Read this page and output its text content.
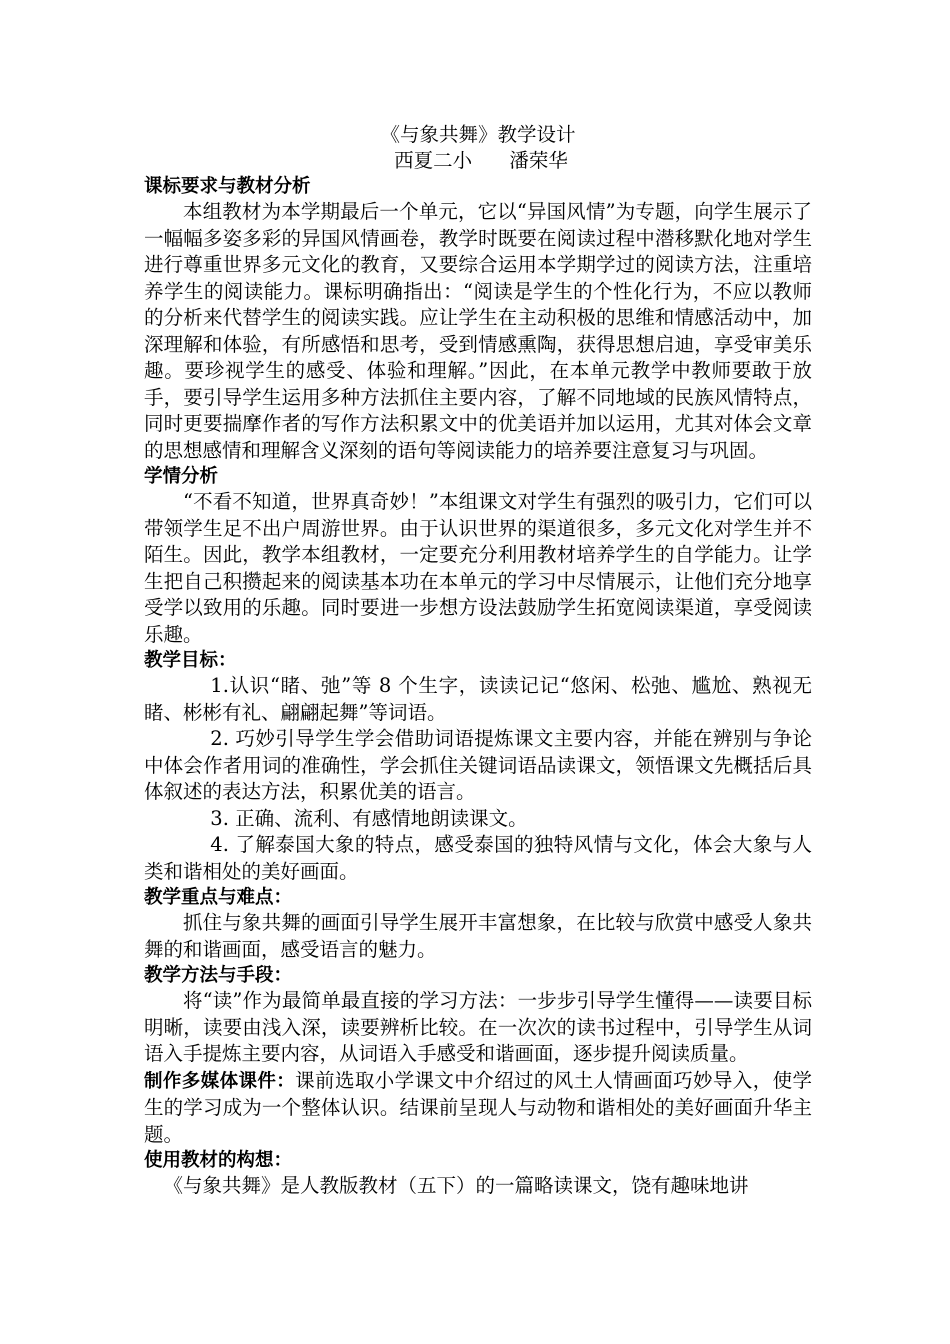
《与象共舞》教学设计

西夏二小      潘荣华

课标要求与教材分析

本组教材为本学期最后一个单元，它以“异国风情”为专题，向学生展示了一幅幅多姿多彩的异国风情画卷，教学时既要在阅读过程中潜移默化地对学生进行尊重世界多元文化的教育，又要综合运用本学期学过的阅读方法，注重培养学生的阅读能力。课标明确指出：“阅读是学生的个性化行为，不应以教师的分析来代替学生的阅读实践。应让学生在主动积极的思维和情感活动中，加深理解和体验，有所感悟和思考，受到情感熏陶，获得思想启迪，享受审美乐趣。要珍视学生的感受、体验和理解。”因此，在本单元教学中教师要敢于放手，要引导学生运用多种方法抓住主要内容，了解不同地域的民族风情特点，同时更要揣摩作者的写作方法积累文中的优美语并加以运用，尤其对体会文章的思想感情和理解含义深刻的语句等阅读能力的培养要注意复习与巩固。

学情分析

“不看不知道，世界真奇妙！”本组课文对学生有强烈的吸引力，它们可以带领学生足不出户周游世界。由于认识世界的渠道很多，多元文化对学生并不陌生。因此，教学本组教材，一定要充分利用教材培养学生的自学能力。让学生把自己积攒起来的阅读基本功在本单元的学习中尽情展示，让他们充分地享受学以致用的乐趣。同时要进一步想方设法鼓励学生拓宽阅读渠道，享受阅读乐趣。

教学目标：

1.认识“睹、弛”等 8 个生字，读读记记“悠闲、松弛、尴尬、熟视无睹、彬彬有礼、翩翩起舞”等词语。

2. 巧妙引导学生学会借助词语提炼课文主要内容，并能在辨别与争论中体会作者用词的准确性，学会抓住关键词语品读课文，领悟课文先概括后具体叙述的表达方法，积累优美的语言。

3. 正确、流利、有感情地朗读课文。

4. 了解泰国大象的特点，感受泰国的独特风情与文化，体会大象与人类和谐相处的美好画面。

教学重点与难点：

抓住与象共舞的画面引导学生展开丰富想象，在比较与欣赏中感受人象共舞的和谐画面，感受语言的魅力。

教学方法与手段：

将“读”作为最简单最直接的学习方法：一步步引导学生懂得——读要目标明晰，读要由浅入深，读要辨析比较。在一次次的读书过程中，引导学生从词语入手提炼主要内容，从词语入手感受和谐画面，逐步提升阅读质量。

制作多媒体课件：课前选取小学课文中介绍过的风土人情画面巧妙导入，使学生的学习成为一个整体认识。结课前呈现人与动物和谐相处的美好画面升华主题。

使用教材的构想：

《与象共舞》是人教版教材（五下）的一篇略读课文，饶有趣味地讲
